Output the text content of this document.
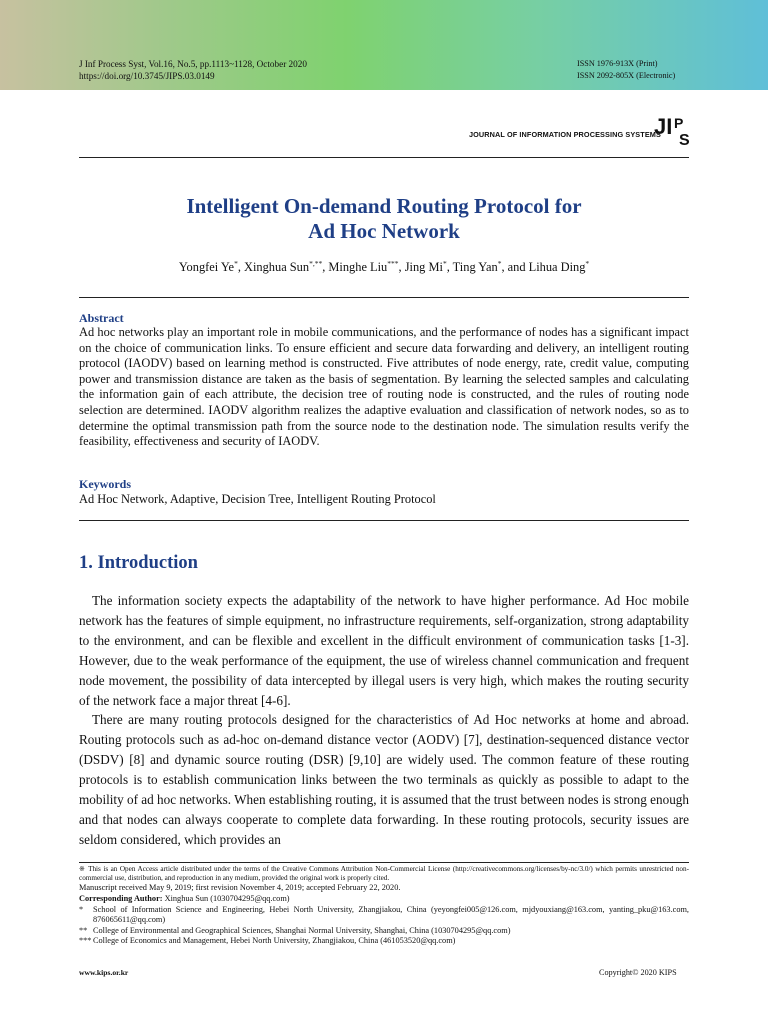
J Inf Process Syst, Vol.16, No.5, pp.1113~1128, October 2020
https://doi.org/10.3745/JIPS.03.0149
ISSN 1976-913X (Print)
ISSN 2092-805X (Electronic)
JOURNAL OF INFORMATION PROCESSING SYSTEMS
JI P
S
Intelligent On-demand Routing Protocol for
Ad Hoc Network
Yongfei Ye*, Xinghua Sun*,**, Minghe Liu***, Jing Mi*, Ting Yan*, and Lihua Ding*
Abstract
Ad hoc networks play an important role in mobile communications, and the performance of nodes has a significant impact on the choice of communication links. To ensure efficient and secure data forwarding and delivery, an intelligent routing protocol (IAODV) based on learning method is constructed. Five attributes of node energy, rate, credit value, computing power and transmission distance are taken as the basis of segmentation. By learning the selected samples and calculating the information gain of each attribute, the decision tree of routing node is constructed, and the rules of routing node selection are determined. IAODV algorithm realizes the adaptive evaluation and classification of network nodes, so as to determine the optimal transmission path from the source node to the destination node. The simulation results verify the feasibility, effectiveness and security of IAODV.
Keywords
Ad Hoc Network, Adaptive, Decision Tree, Intelligent Routing Protocol
1. Introduction

The information society expects the adaptability of the network to have higher performance. Ad Hoc mobile network has the features of simple equipment, no infrastructure requirements, self-organization, strong adaptability to the environment, and can be flexible and excellent in the difficult environment of communication tasks [1-3]. However, due to the weak performance of the equipment, the use of wireless channel communication and frequent node movement, the possibility of data intercepted by illegal users is very high, which makes the routing security of the network face a major threat [4-6].

There are many routing protocols designed for the characteristics of Ad Hoc networks at home and abroad. Routing protocols such as ad-hoc on-demand distance vector (AODV) [7], destination-sequenced distance vector (DSDV) [8] and dynamic source routing (DSR) [9,10] are widely used. The common feature of these routing protocols is to establish communication links between the two terminals as quickly as possible to adapt to the mobility of ad hoc networks. When establishing routing, it is assumed that the trust between nodes is strong enough and that nodes can always cooperate to complete data forwarding. In these routing protocols, security issues are seldom considered, which provides an

※ This is an Open Access article distributed under the terms of the Creative Commons Attribution Non-Commercial License (http://creativecommons.org/licenses/by-nc/3.0/) which permits unrestricted non-commercial use, distribution, and reproduction in any medium, provided the original work is properly cited.
Manuscript received May 9, 2019; first revision November 4, 2019; accepted February 22, 2020.
Corresponding Author: Xinghua Sun (1030704295@qq.com)
*	School of Information Science and Engineering, Hebei North University, Zhangjiakou, China (yeyongfei005@126.com, mjdyouxiang@163.com, yanting_pku@163.com, 876065611@qq.com)
** College of Environmental and Geographical Sciences, Shanghai Normal University, Shanghai, China (1030704295@qq.com)
*** College of Economics and Management, Hebei North University, Zhangjiakou, China (461053520@qq.com)
www.kips.or.kr	Copyright© 2020 KIPS
